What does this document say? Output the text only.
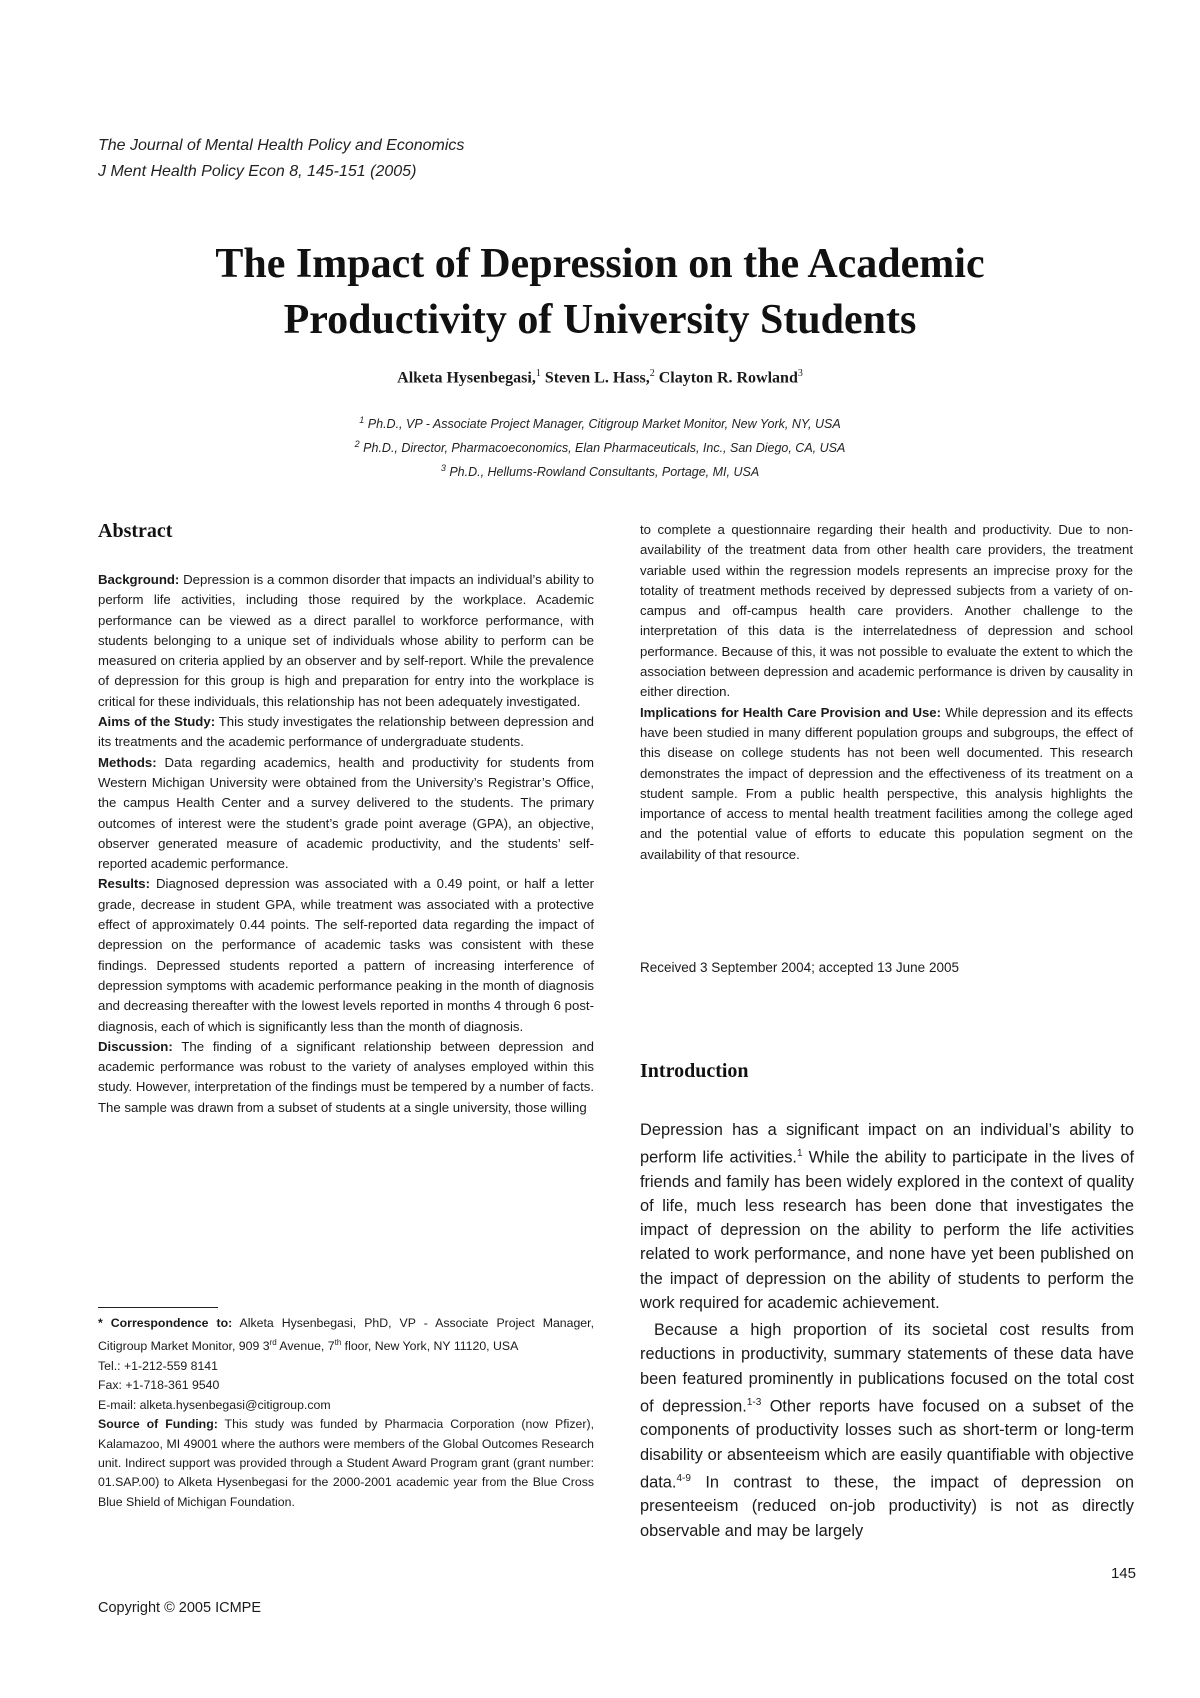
The Journal of Mental Health Policy and Economics
J Ment Health Policy Econ 8, 145-151 (2005)
The Impact of Depression on the Academic
Productivity of University Students
Alketa Hysenbegasi,$^1$ Steven L. Hass,$^2$ Clayton R. Rowland$^3$
$^1$ Ph.D., VP - Associate Project Manager, Citigroup Market Monitor, New York, NY, USA
$^2$ Ph.D., Director, Pharmacoeconomics, Elan Pharmaceuticals, Inc., San Diego, CA, USA
$^3$ Ph.D., Hellums-Rowland Consultants, Portage, MI, USA
Abstract

Background: Depression is a common disorder that impacts an individual’s ability to perform life activities, including those required by the workplace. Academic performance can be viewed as a direct parallel to workforce performance, with students belonging to a unique set of individuals whose ability to perform can be measured on criteria applied by an observer and by self-report. While the prevalence of depression for this group is high and preparation for entry into the workplace is critical for these individuals, this relationship has not been adequately investigated.

Aims of the Study: This study investigates the relationship between depression and its treatments and the academic performance of undergraduate students.

Methods: Data regarding academics, health and productivity for students from Western Michigan University were obtained from the University’s Registrar’s Office, the campus Health Center and a survey delivered to the students. The primary outcomes of interest were the student’s grade point average (GPA), an objective, observer generated measure of academic productivity, and the students’ self-reported academic performance.

Results: Diagnosed depression was associated with a 0.49 point, or half a letter grade, decrease in student GPA, while treatment was associated with a protective effect of approximately 0.44 points. The self-reported data regarding the impact of depression on the performance of academic tasks was consistent with these findings. Depressed students reported a pattern of increasing interference of depression symptoms with academic performance peaking in the month of diagnosis and decreasing thereafter with the lowest levels reported in months 4 through 6 post-diagnosis, each of which is significantly less than the month of diagnosis.

Discussion: The finding of a significant relationship between depression and academic performance was robust to the variety of analyses employed within this study. However, interpretation of the findings must be tempered by a number of facts. The sample was drawn from a subset of students at a single university, those willing

to complete a questionnaire regarding their health and productivity. Due to non-availability of the treatment data from other health care providers, the treatment variable used within the regression models represents an imprecise proxy for the totality of treatment methods received by depressed subjects from a variety of on-campus and off-campus health care providers. Another challenge to the interpretation of this data is the interrelatedness of depression and school performance. Because of this, it was not possible to evaluate the extent to which the association between depression and academic performance is driven by causality in either direction.

Implications for Health Care Provision and Use: While depression and its effects have been studied in many different population groups and subgroups, the effect of this disease on college students has not been well documented. This research demonstrates the impact of depression and the effectiveness of its treatment on a student sample. From a public health perspective, this analysis highlights the importance of access to mental health treatment facilities among the college aged and the potential value of efforts to educate this population segment on the availability of that resource.

Received 3 September 2004; accepted 13 June 2005
Introduction

Depression has a significant impact on an individual’s ability to perform life activities.$^1$ While the ability to participate in the lives of friends and family has been widely explored in the context of quality of life, much less research has been done that investigates the impact of depression on the ability to perform the life activities related to work performance, and none have yet been published on the impact of depression on the ability of students to perform the work required for academic achievement.

Because a high proportion of its societal cost results from reductions in productivity, summary statements of these data have been featured prominently in publications focused on the total cost of depression.$^{1-3}$ Other reports have focused on a subset of the components of productivity losses such as short-term or long-term disability or absenteeism which are easily quantifiable with objective data.$^{4-9}$ In contrast to these, the impact of depression on presenteeism (reduced on-job productivity) is not as directly observable and may be largely

* Correspondence to: Alketa Hysenbegasi, PhD, VP - Associate Project Manager, Citigroup Market Monitor, 909 3rd Avenue, 7th floor, New York, NY 11120, USA

Tel.: +1-212-559 8141

Fax: +1-718-361 9540

E-mail: alketa.hysenbegasi@citigroup.com

Source of Funding: This study was funded by Pharmacia Corporation (now Pfizer), Kalamazoo, MI 49001 where the authors were members of the Global Outcomes Research unit. Indirect support was provided through a Student Award Program grant (grant number: 01.SAP.00) to Alketa Hysenbegasi for the 2000-2001 academic year from the Blue Cross Blue Shield of Michigan Foundation.

145
Copyright © 2005 ICMPE
